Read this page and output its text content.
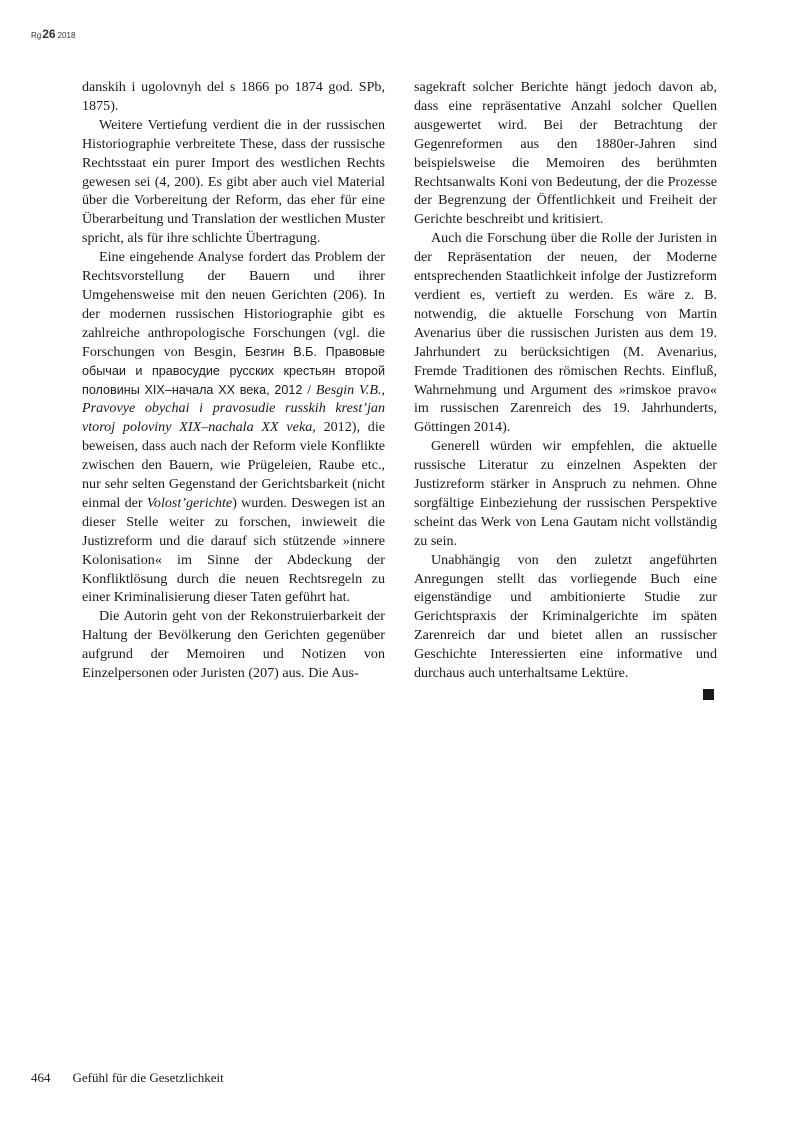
Rg26 2018

danskih i ugolovnyh del s 1866 po 1874 god. SPb, 1875).

Weitere Vertiefung verdient die in der russischen Historiographie verbreitete These, dass der russische Rechtsstaat ein purer Import des westlichen Rechts gewesen sei (4, 200). Es gibt aber auch viel Material über die Vorbereitung der Reform, das eher für eine Überarbeitung und Translation der westlichen Muster spricht, als für ihre schlichte Übertragung.

Eine eingehende Analyse fordert das Problem der Rechtsvorstellung der Bauern und ihrer Umgehensweise mit den neuen Gerichten (206). In der modernen russischen Historiographie gibt es zahlreiche anthropologische Forschungen (vgl. die Forschungen von Besgin, Безгин В.Б. Правовые обычаи и правосудие русских крестьян второй половины XIX–начала XX века, 2012 / Besgin V.B., Pravovye obychai i pravosudie russkih krest’jan vtoroj poloviny XIX–nachala XX veka, 2012), die beweisen, dass auch nach der Reform viele Konflikte zwischen den Bauern, wie Prügeleien, Raube etc., nur sehr selten Gegenstand der Gerichtsbarkeit (nicht einmal der Volost’gerichte) wurden. Deswegen ist an dieser Stelle weiter zu forschen, inwieweit die Justizreform und die darauf sich stützende »innere Kolonisation« im Sinne der Abdeckung der Konfliktlösung durch die neuen Rechtsregeln zu einer Kriminalisierung dieser Taten geführt hat.

Die Autorin geht von der Rekonstruierbarkeit der Haltung der Bevölkerung den Gerichten gegenüber aufgrund der Memoiren und Notizen von Einzelpersonen oder Juristen (207) aus. Die Aus-

sagekraft solcher Berichte hängt jedoch davon ab, dass eine repräsentative Anzahl solcher Quellen ausgewertet wird. Bei der Betrachtung der Gegenreformen aus den 1880er-Jahren sind beispielsweise die Memoiren des berühmten Rechtsanwalts Koni von Bedeutung, der die Prozesse der Begrenzung der Öffentlichkeit und Freiheit der Gerichte beschreibt und kritisiert.

Auch die Forschung über die Rolle der Juristen in der Repräsentation der neuen, der Moderne entsprechenden Staatlichkeit infolge der Justizreform verdient es, vertieft zu werden. Es wäre z. B. notwendig, die aktuelle Forschung von Martin Avenarius über die russischen Juristen aus dem 19. Jahrhundert zu berücksichtigen (M. Avenarius, Fremde Traditionen des römischen Rechts. Einfluß, Wahrnehmung und Argument des »rimskoe pravo« im russischen Zarenreich des 19. Jahrhunderts, Göttingen 2014).

Generell würden wir empfehlen, die aktuelle russische Literatur zu einzelnen Aspekten der Justizreform stärker in Anspruch zu nehmen. Ohne sorgfältige Einbeziehung der russischen Perspektive scheint das Werk von Lena Gautam nicht vollständig zu sein.

Unabhängig von den zuletzt angeführten Anregungen stellt das vorliegende Buch eine eigenständige und ambitionierte Studie zur Gerichtspraxis der Kriminalgerichte im späten Zarenreich dar und bietet allen an russischer Geschichte Interessierten eine informative und durchaus auch unterhaltsame Lektüre.

464 Gefühl für die Gesetzlichkeit
